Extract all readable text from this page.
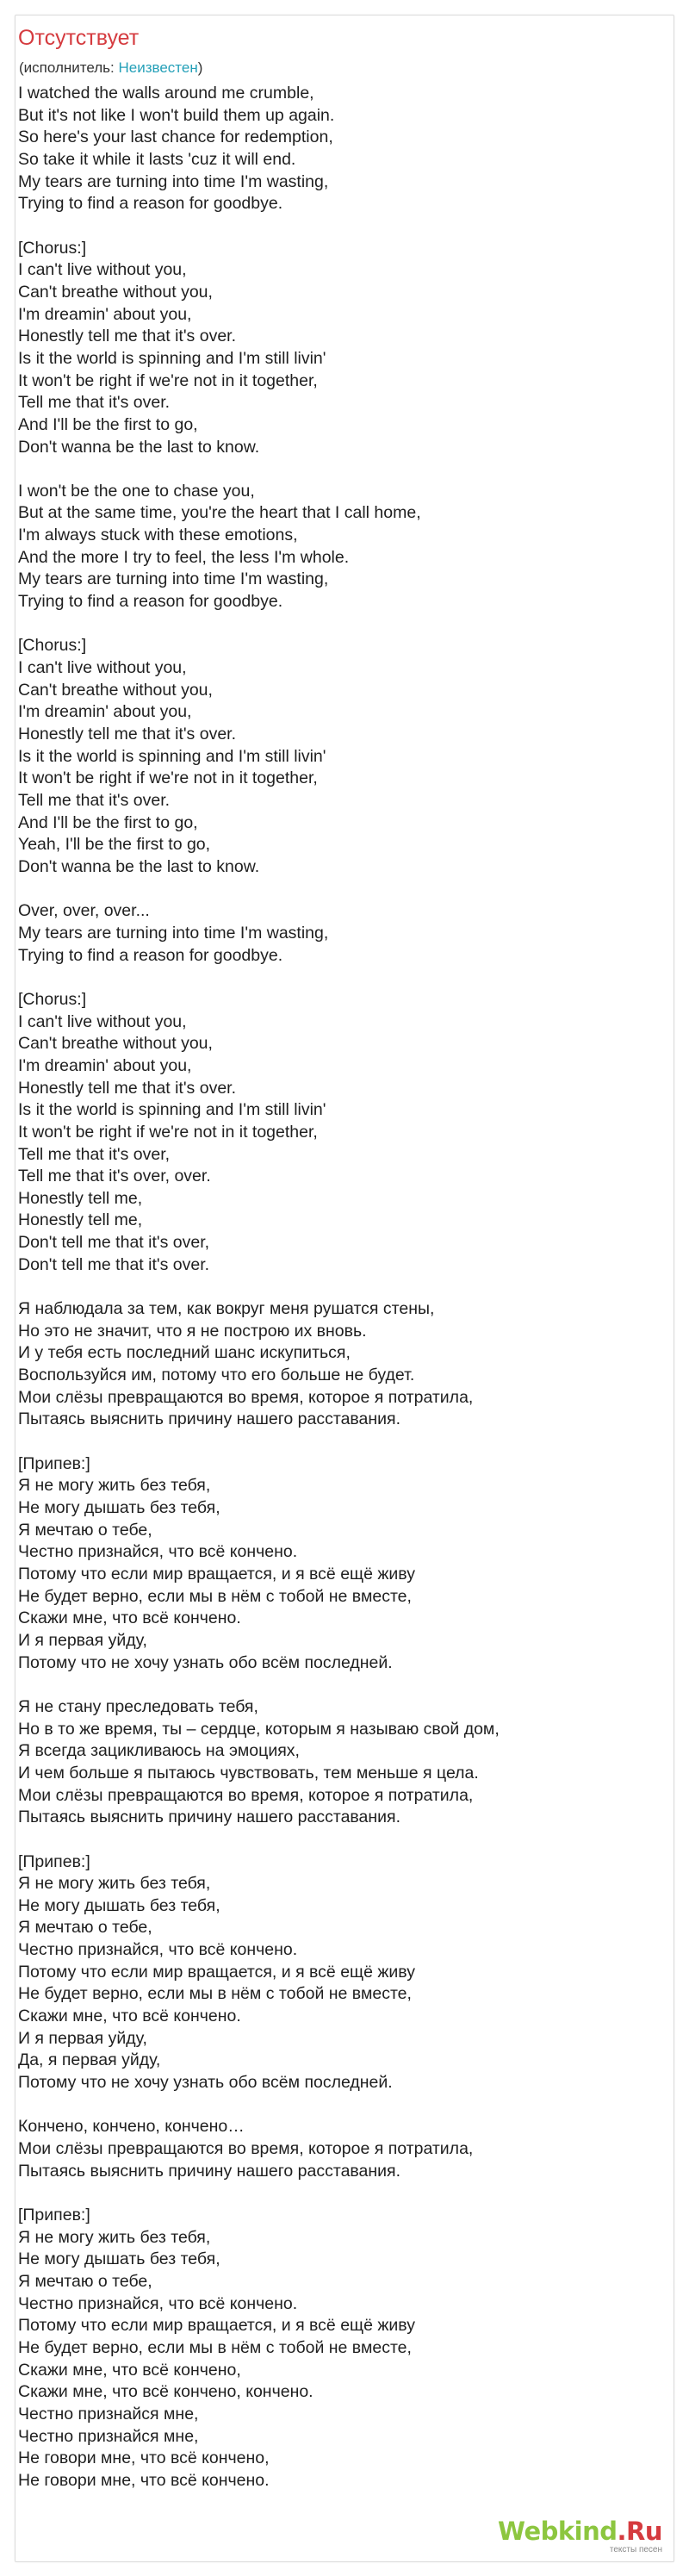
Отсутствует
(исполнитель: Неизвестен)
I watched the walls around me crumble,
But it's not like I won't build them up again.
So here's your last chance for redemption,
So take it while it lasts 'cuz it will end.
My tears are turning into time I'm wasting,
Trying to find a reason for goodbye.

[Chorus:]
I can't live without you,
Can't breathe without you,
I'm dreamin' about you,
Honestly tell me that it's over.
Is it the world is spinning and I'm still livin'
It won't be right if we're not in it together,
Tell me that it's over.
And I'll be the first to go,
Don't wanna be the last to know.

I won't be the one to chase you,
But at the same time, you're the heart that I call home,
I'm always stuck with these emotions,
And the more I try to feel, the less I'm whole.
My tears are turning into time I'm wasting,
Trying to find a reason for goodbye.

[Chorus:]
I can't live without you,
Can't breathe without you,
I'm dreamin' about you,
Honestly tell me that it's over.
Is it the world is spinning and I'm still livin'
It won't be right if we're not in it together,
Tell me that it's over.
And I'll be the first to go,
Yeah, I'll be the first to go,
Don't wanna be the last to know.

Over, over, over...
My tears are turning into time I'm wasting,
Trying to find a reason for goodbye.

[Chorus:]
I can't live without you,
Can't breathe without you,
I'm dreamin' about you,
Honestly tell me that it's over.
Is it the world is spinning and I'm still livin'
It won't be right if we're not in it together,
Tell me that it's over,
Tell me that it's over, over.
Honestly tell me,
Honestly tell me,
Don't tell me that it's over,
Don't tell me that it's over.

Я наблюдала за тем, как вокруг меня рушатся стены,
Но это не значит, что я не построю их вновь.
И у тебя есть последний шанс искупиться,
Воспользуйся им, потому что его больше не будет.
Мои слёзы превращаются во время, которое я потратила,
Пытаясь выяснить причину нашего расставания.

[Припев:]
Я не могу жить без тебя,
Не могу дышать без тебя,
Я мечтаю о тебе,
Честно признайся, что всё кончено.
Потому что если мир вращается, и я всё ещё живу
Не будет верно, если мы в нём с тобой не вместе,
Скажи мне, что всё кончено.
И я первая уйду,
Потому что не хочу узнать обо всём последней.

Я не стану преследовать тебя,
Но в то же время, ты – сердце, которым я называю свой дом,
Я всегда зацикливаюсь на эмоциях,
И чем больше я пытаюсь чувствовать, тем меньше я цела.
Мои слёзы превращаются во время, которое я потратила,
Пытаясь выяснить причину нашего расставания.

[Припев:]
Я не могу жить без тебя,
Не могу дышать без тебя,
Я мечтаю о тебе,
Честно признайся, что всё кончено.
Потому что если мир вращается, и я всё ещё живу
Не будет верно, если мы в нём с тобой не вместе,
Скажи мне, что всё кончено.
И я первая уйду,
Да, я первая уйду,
Потому что не хочу узнать обо всём последней.

Кончено, кончено, кончено…
Мои слёзы превращаются во время, которое я потратила,
Пытаясь выяснить причину нашего расставания.

[Припев:]
Я не могу жить без тебя,
Не могу дышать без тебя,
Я мечтаю о тебе,
Честно признайся, что всё кончено.
Потому что если мир вращается, и я всё ещё живу
Не будет верно, если мы в нём с тобой не вместе,
Скажи мне, что всё кончено,
Скажи мне, что всё кончено, кончено.
Честно признайся мне,
Честно признайся мне,
Не говори мне, что всё кончено,
Не говори мне, что всё кончено.
Webkind.Ru
тексты песен
